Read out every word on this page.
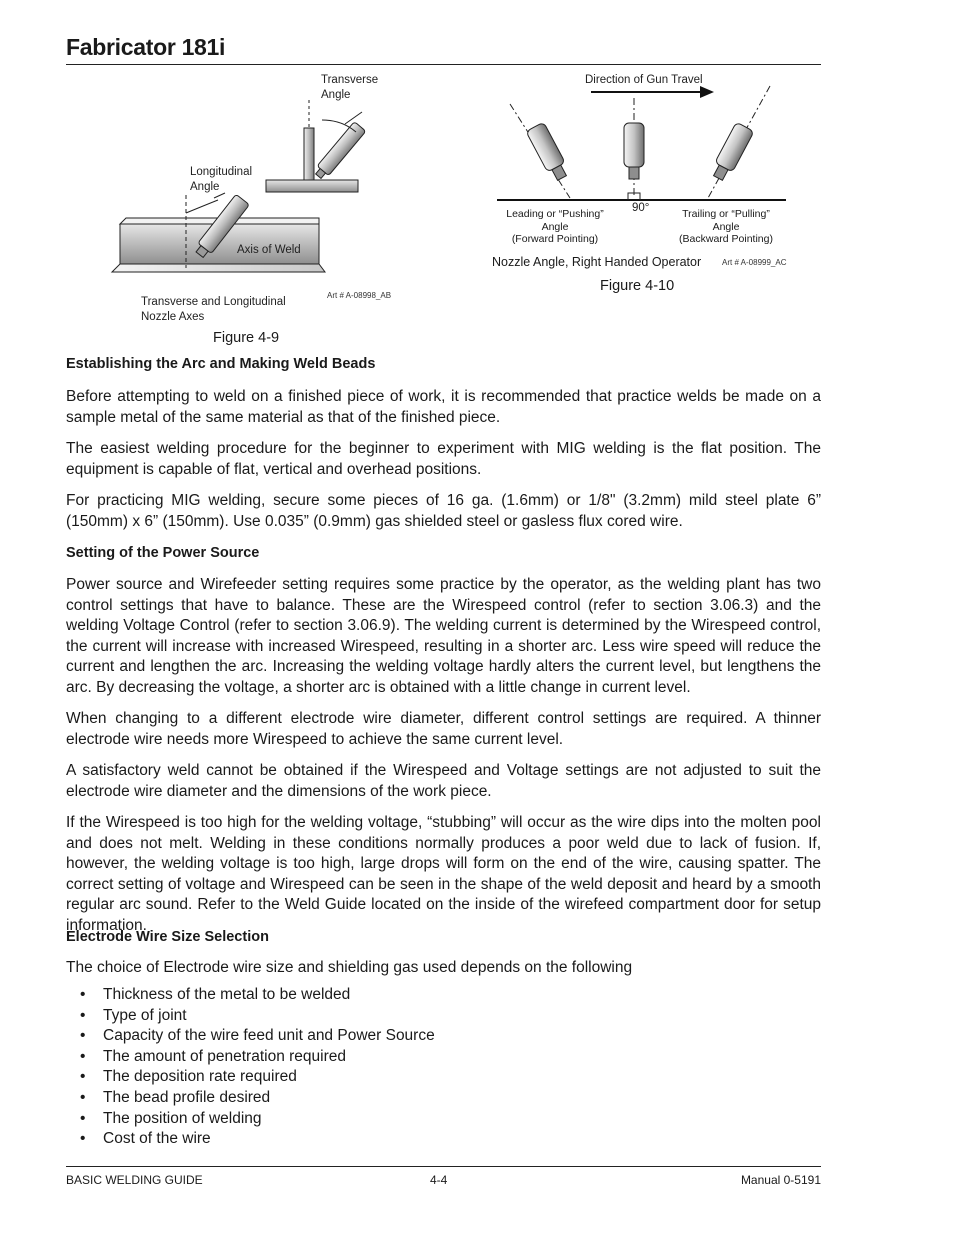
Fabricator 181i
Transverse
Angle
Longitudinal
Angle
Axis of Weld
Transverse and Longitudinal
Nozzle Axes
Art # A-08998_AB
Figure 4-9
Direction of Gun Travel
90°
Leading or “Pushing”
Angle
(Forward Pointing)
Trailing or “Pulling”
Angle
(Backward Pointing)
Nozzle Angle, Right Handed Operator	Art # A-08999_AC
Figure 4-10
Establishing the Arc and Making Weld Beads
Before attempting to weld on a finished piece of work, it is recommended that practice welds be made on a sample metal of the same material as that of the finished piece.
The easiest welding procedure for the beginner to experiment with MIG welding is the flat position. The equipment is capable of flat, vertical and overhead positions.
For practicing MIG welding, secure some pieces of 16 ga. (1.6mm) or 1/8" (3.2mm) mild steel plate 6” (150mm) x 6” (150mm). Use 0.035” (0.9mm) gas shielded steel or gasless flux cored wire.
Setting of the Power Source
Power source and Wirefeeder setting requires some practice by the operator, as the welding plant has two control settings that have to balance. These are the Wirespeed control (refer to section 3.06.3) and the welding Voltage Control (refer to section 3.06.9). The welding current is determined by the Wirespeed control, the current will increase with increased Wirespeed, resulting in a shorter arc. Less wire speed will reduce the current and lengthen the arc. Increasing the welding voltage hardly alters the current level, but lengthens the arc. By decreasing the voltage, a shorter arc is obtained with a little change in current level.
When changing to a different electrode wire diameter, different control settings are required. A thinner electrode wire needs more Wirespeed to achieve the same current level.
A satisfactory weld cannot be obtained if the Wirespeed and Voltage settings are not adjusted to suit the electrode wire diameter and the dimensions of the work piece.
If the Wirespeed is too high for the welding voltage, “stubbing” will occur as the wire dips into the molten pool and does not melt. Welding in these conditions normally produces a poor weld due to lack of fusion. If, however, the welding voltage is too high, large drops will form on the end of the wire, causing spatter. The correct setting of voltage and Wirespeed can be seen in the shape of the weld deposit and heard by a smooth regular arc sound. Refer to the Weld Guide located on the inside of the wirefeed compartment door for setup information.
Electrode Wire Size Selection
The choice of Electrode wire size and shielding gas used depends on the following
• Thickness of the metal to be welded
• Type of joint
• Capacity of the wire feed unit and Power Source
• The amount of penetration required
• The deposition rate required
• The bead profile desired
• The position of welding
• Cost of the wire
BASIC WELDING GUIDE	4-4	Manual 0-5191
